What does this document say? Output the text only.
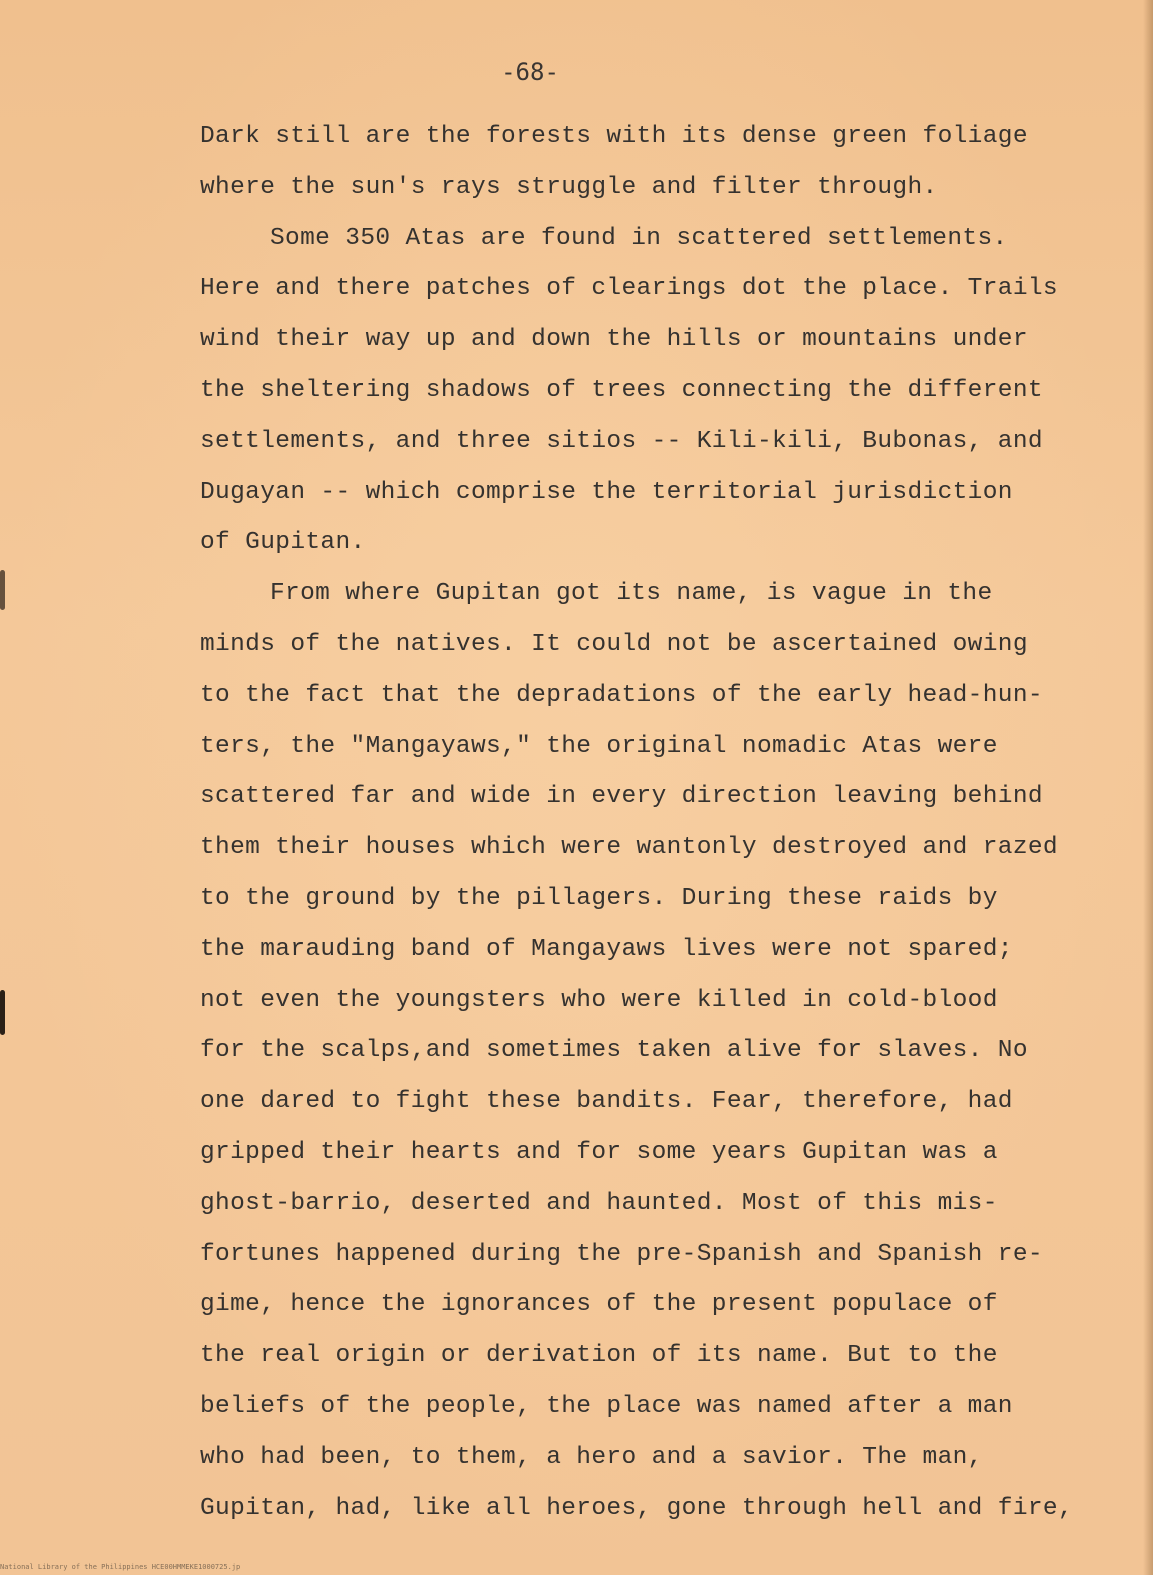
-68-
Dark still are the forests with its dense green foliage
where the sun's rays struggle and filter through.
Some 350 Atas are found in scattered settlements.
Here and there patches of clearings dot the place. Trails
wind their way up and down the hills or mountains under
the sheltering shadows of trees connecting the different
settlements, and three sitios -- Kili-kili, Bubonas, and
Dugayan -- which comprise the territorial jurisdiction
of Gupitan.
From where Gupitan got its name, is vague in the
minds of the natives. It could not be ascertained owing
to the fact that the depradations of the early head-hun-
ters, the "Mangayaws," the original nomadic Atas were
scattered far and wide in every direction leaving behind
them their houses which were wantonly destroyed and razed
to the ground by the pillagers. During these raids by
the marauding band of Mangayaws lives were not spared;
not even the youngsters who were killed in cold-blood
for the scalps,and sometimes taken alive for slaves. No
one dared to fight these bandits. Fear, therefore, had
gripped their hearts and for some years Gupitan was a
ghost-barrio, deserted and haunted. Most of this mis-
fortunes happened during the pre-Spanish and Spanish re-
gime, hence the ignorances of the present populace of
the real origin or derivation of its name. But to the
beliefs of the people, the place was named after a man
who had been, to them, a hero and a savior. The man,
Gupitan, had, like all heroes, gone through hell and fire,
National Library of the Philippines HCE00HMMEKE1000725.jp
